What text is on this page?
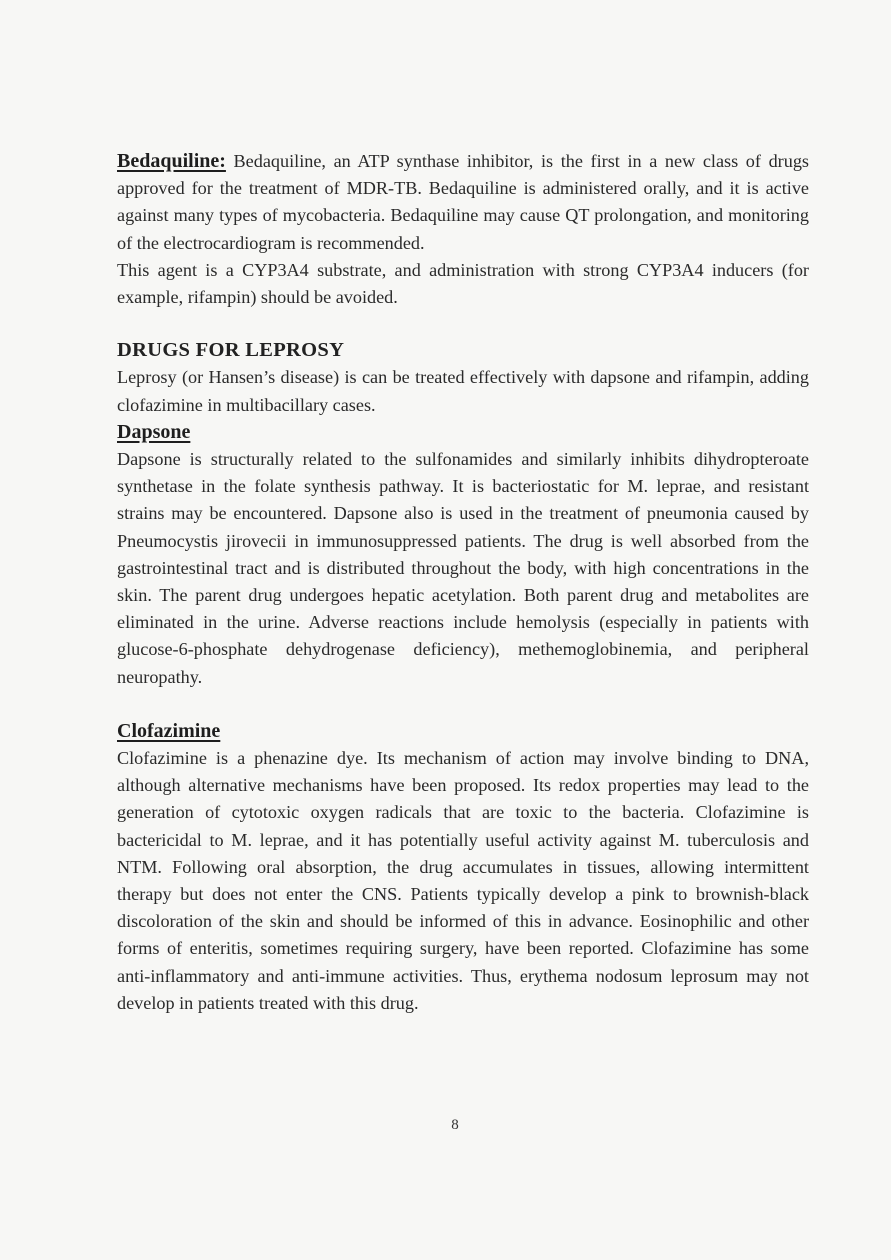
Bedaquiline: Bedaquiline, an ATP synthase inhibitor, is the first in a new class of drugs approved for the treatment of MDR-TB. Bedaquiline is administered orally, and it is active against many types of mycobacteria. Bedaquiline may cause QT prolongation, and monitoring of the electrocardiogram is recommended.

This agent is a CYP3A4 substrate, and administration with strong CYP3A4 inducers (for example, rifampin) should be avoided.

DRUGS FOR LEPROSY

Leprosy (or Hansen’s disease) is can be treated effectively with dapsone and rifampin, adding clofazimine in multibacillary cases.

Dapsone

Dapsone is structurally related to the sulfonamides and similarly inhibits dihydropteroate synthetase in the folate synthesis pathway. It is bacteriostatic for M. leprae, and resistant strains may be encountered. Dapsone also is used in the treatment of pneumonia caused by Pneumocystis jirovecii in immunosuppressed patients. The drug is well absorbed from the gastrointestinal tract and is distributed throughout the body, with high concentrations in the skin. The parent drug undergoes hepatic acetylation. Both parent drug and metabolites are eliminated in the urine. Adverse reactions include hemolysis (especially in patients with glucose-6-phosphate dehydrogenase deficiency), methemoglobinemia, and peripheral neuropathy.

Clofazimine

Clofazimine is a phenazine dye. Its mechanism of action may involve binding to DNA, although alternative mechanisms have been proposed. Its redox properties may lead to the generation of cytotoxic oxygen radicals that are toxic to the bacteria. Clofazimine is bactericidal to M. leprae, and it has potentially useful activity against M. tuberculosis and NTM. Following oral absorption, the drug accumulates in tissues, allowing intermittent therapy but does not enter the CNS. Patients typically develop a pink to brownish-black discoloration of the skin and should be informed of this in advance. Eosinophilic and other forms of enteritis, sometimes requiring surgery, have been reported. Clofazimine has some anti-inflammatory and anti-immune activities. Thus, erythema nodosum leprosum may not develop in patients treated with this drug.

8
